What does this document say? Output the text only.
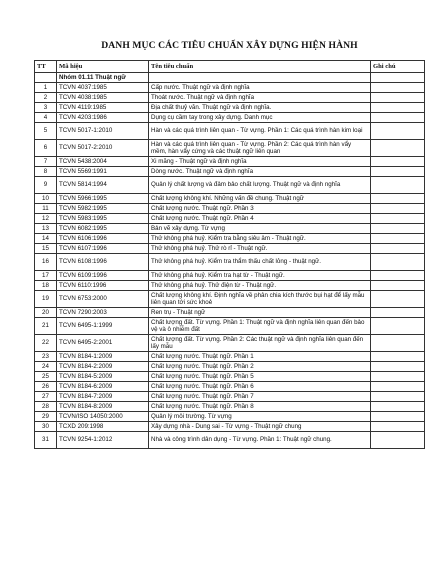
DANH MỤC CÁC TIÊU CHUẨN XÂY DỰNG HIỆN HÀNH
TT	Mã hiệu	Tên tiêu chuẩn	Ghi chú
	Nhóm 01.11 Thuật ngữ		
1	TCVN 4037:1985	Cấp nước. Thuật ngữ và định nghĩa	
2	TCVN 4038:1985	Thoát nước. Thuật ngữ và định nghĩa	
3	TCVN 4119:1985	Địa chất thuỷ văn. Thuật ngữ và định nghĩa.	
4	TCVN 4203:1986	Dụng cụ cầm tay trong xây dựng. Danh mục	
5	TCVN 5017-1:2010	Hàn và các quá trình liên quan - Từ vựng. Phần 1: Các quá trình hàn kim loại	
6	TCVN 5017-2:2010	Hàn và các quá trình liên quan - Từ vựng. Phần 2: Các quá trình hàn vẩy mềm, hàn vẩy cứng và các thuật ngữ liên quan	
7	TCVN 5438:2004	Xi măng - Thuật ngữ và định nghĩa	
8	TCVN 5569:1991	Dòng nước. Thuật ngữ và định nghĩa	
9	TCVN 5814:1994	Quản lý chất lượng và đảm bảo chất lượng. Thuật ngữ và định nghĩa	
10	TCVN 5966:1995	Chất lượng không khí. Những vấn đề chung. Thuật ngữ	
11	TCVN 5982:1995	Chất lượng nước. Thuật ngữ. Phần 3	
12	TCVN 5983:1995	Chất lượng nước. Thuật ngữ. Phần 4	
13	TCVN 6082:1995	Bản vẽ xây dựng. Từ vựng	
14	TCVN 6106:1996	Thử không phá huỷ. Kiểm tra bằng siêu âm - Thuật ngữ.	
15	TCVN 6107:1996	Thử không phá huỷ. Thử rò rỉ - Thuật ngữ.	
16	TCVN 6108:1996	Thử không phá huỷ. Kiểm tra thẩm thấu chất lỏng - thuật ngữ.	
17	TCVN 6109:1996	Thử không phá huỷ. Kiểm tra hạt từ - Thuật ngữ.	
18	TCVN 6110:1996	Thử không phá huỷ. Thử điện từ - Thuật ngữ.	
19	TCVN 6753:2000	Chất lượng không khí. Định nghĩa về phân chia kích thước bụi hạt để lấy mẫu liên quan tới sức khoẻ	
20	TCVN 7290:2003	Ren trụ - Thuật ngữ	
21	TCVN 6495-1:1999	Chất lượng đất. Từ vựng. Phần 1: Thuật ngữ và định nghĩa liên quan đến bảo vệ và ô nhiễm đất	
22	TCVN 6495-2:2001	Chất lượng đất. Từ vựng. Phần 2: Các thuật ngữ và định nghĩa liên quan đến lấy mẫu	
23	TCVN 8184-1:2009	Chất lượng nước. Thuật ngữ. Phần 1	
24	TCVN 8184-2:2009	Chất lượng nước. Thuật ngữ. Phần 2	
25	TCVN 8184-5:2009	Chất lượng nước. Thuật ngữ. Phần 5	
26	TCVN 8184-6:2009	Chất lượng nước. Thuật ngữ. Phần 6	
27	TCVN 8184-7:2009	Chất lượng nước. Thuật ngữ. Phần 7	
28	TCVN 8184-8:2009	Chất lượng nước. Thuật ngữ. Phần 8	
29	TCVN/ISO 14050:2000	Quản lý môi trường. Từ vựng	
30	TCXD 209:1998	Xây dựng nhà - Dung sai - Từ vựng - Thuật ngữ chung	
31	TCVN 9254-1:2012	Nhà và công trình dân dụng - Từ vựng. Phần 1: Thuật ngữ chung.	
